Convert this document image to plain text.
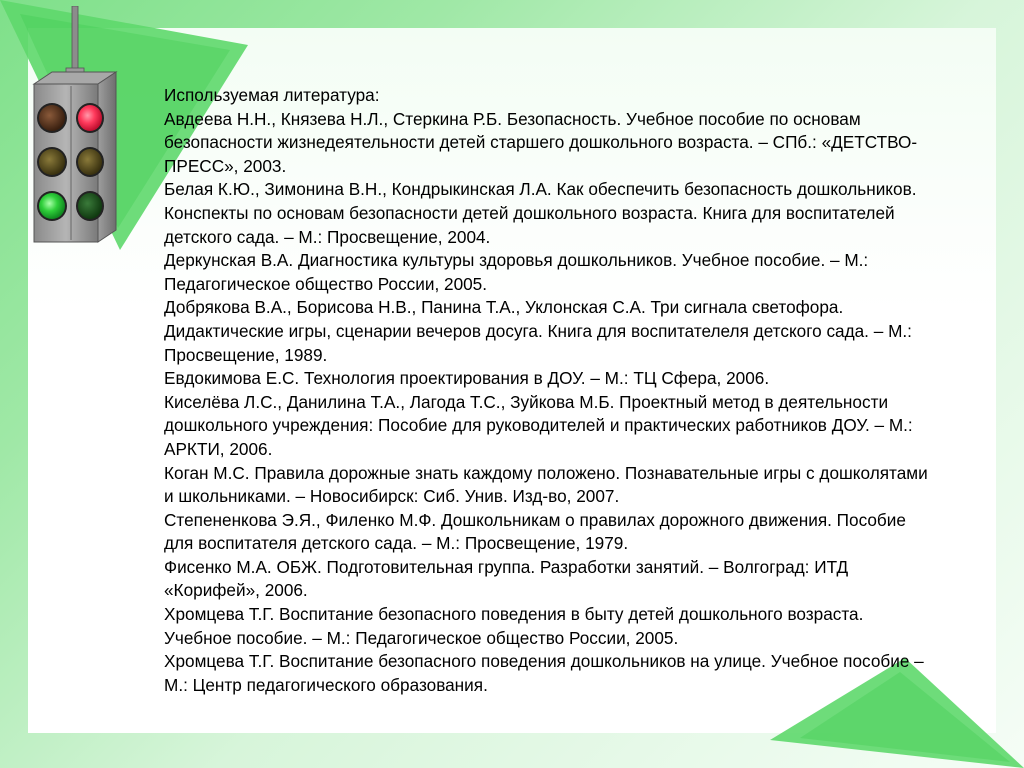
Используемая литература:

Авдеева Н.Н., Князева Н.Л., Стеркина Р.Б. Безопасность. Учебное пособие по основам безопасности жизнедеятельности детей старшего дошкольного возраста. – СПб.: «ДЕТСТВО-ПРЕСС», 2003.

Белая К.Ю., Зимонина В.Н., Кондрыкинская Л.А. Как обеспечить безопасность дошкольников. Конспекты по основам безопасности детей дошкольного возраста. Книга для воспитателей детского сада. – М.: Просвещение, 2004.

Деркунская В.А. Диагностика культуры здоровья дошкольников. Учебное пособие. – М.: Педагогическое общество России, 2005.

Добрякова В.А., Борисова Н.В., Панина Т.А., Уклонская С.А. Три сигнала светофора. Дидактические игры, сценарии вечеров досуга. Книга для воспитателеля детского сада. – М.: Просвещение, 1989.

Евдокимова Е.С. Технология проектирования в ДОУ. – М.: ТЦ Сфера, 2006.

Киселёва Л.С., Данилина Т.А., Лагода Т.С., Зуйкова М.Б. Проектный метод в деятельности дошкольного учреждения: Пособие для руководителей и практических работников ДОУ. – М.: АРКТИ, 2006.

Коган М.С. Правила дорожные знать каждому положено. Познавательные игры с дошколятами и школьниками. – Новосибирск: Сиб. Унив. Изд-во, 2007.

Степененкова Э.Я., Филенко М.Ф. Дошкольникам о правилах дорожного движения. Пособие для воспитателя детского сада. – М.: Просвещение, 1979.

Фисенко М.А. ОБЖ. Подготовительная группа. Разработки занятий. – Волгоград: ИТД «Корифей», 2006.

Хромцева Т.Г. Воспитание безопасного поведения в быту детей дошкольного возраста. Учебное пособие. – М.: Педагогическое общество России, 2005.

Хромцева Т.Г. Воспитание безопасного поведения дошкольников на улице. Учебное пособие – М.: Центр педагогического образования.
